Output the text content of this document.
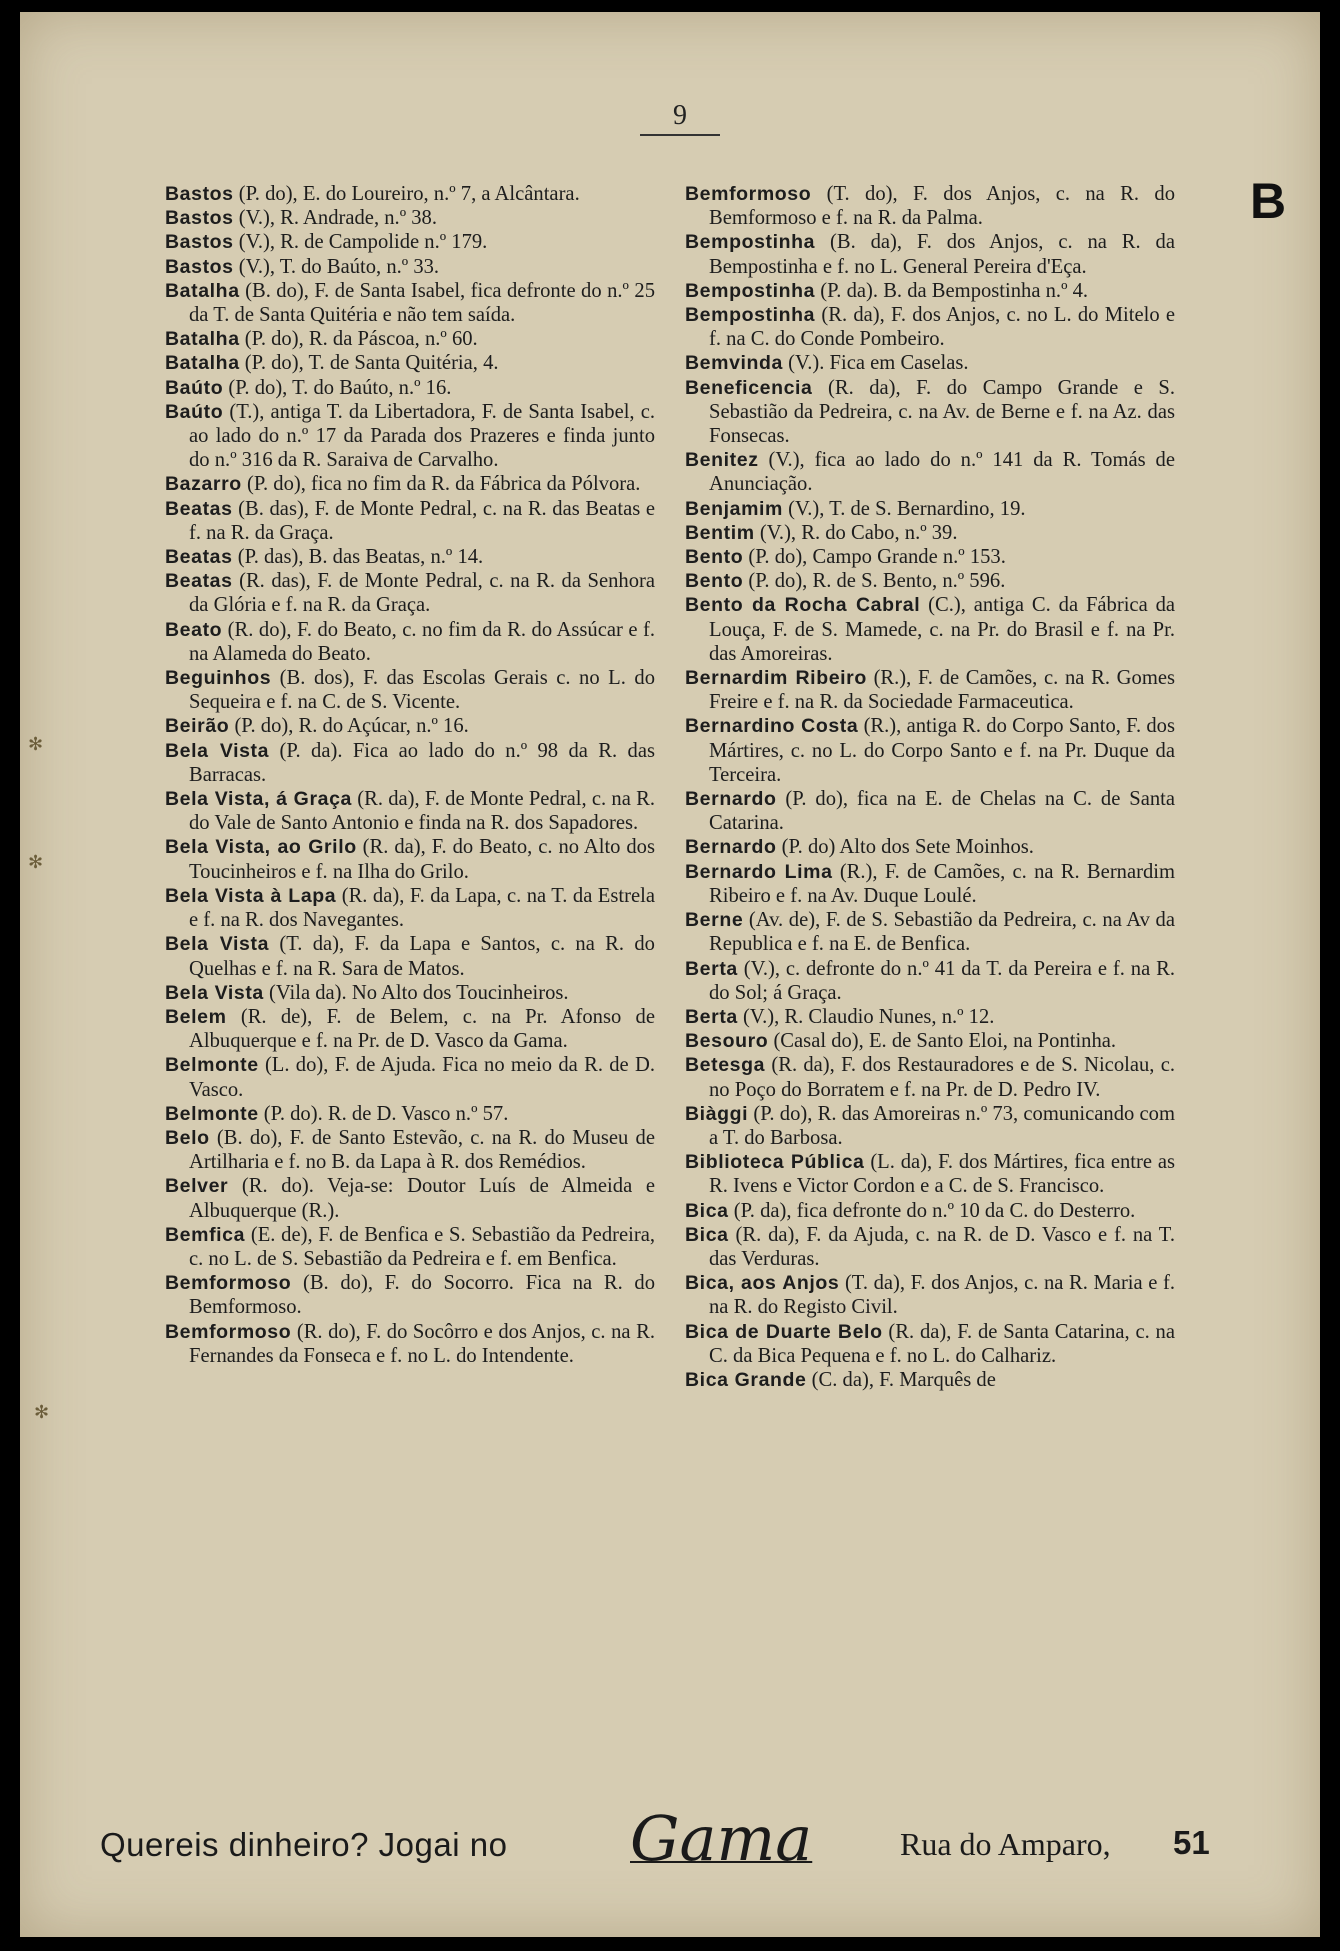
9
B
✻
✻
✻

Bastos (P. do), E. do Loureiro, n.º 7, a Alcântara.

Bastos (V.), R. Andrade, n.º 38.

Bastos (V.), R. de Campolide n.º 179.

Bastos (V.), T. do Baúto, n.º 33.

Batalha (B. do), F. de Santa Isabel, fica defronte do n.º 25 da T. de Santa Quitéria e não tem saída.

Batalha (P. do), R. da Páscoa, n.º 60.

Batalha (P. do), T. de Santa Quitéria, 4.

Baúto (P. do), T. do Baúto, n.º 16.

Baúto (T.), antiga T. da Libertadora, F. de Santa Isabel, c. ao lado do n.º 17 da Parada dos Prazeres e finda junto do n.º 316 da R. Saraiva de Carvalho.

Bazarro (P. do), fica no fim da R. da Fábrica da Pólvora.

Beatas (B. das), F. de Monte Pedral, c. na R. das Beatas e f. na R. da Graça.

Beatas (P. das), B. das Beatas, n.º 14.

Beatas (R. das), F. de Monte Pedral, c. na R. da Senhora da Glória e f. na R. da Graça.

Beato (R. do), F. do Beato, c. no fim da R. do Assúcar e f. na Alameda do Beato.

Beguinhos (B. dos), F. das Escolas Gerais c. no L. do Sequeira e f. na C. de S. Vicente.

Beirão (P. do), R. do Açúcar, n.º 16.

Bela Vista (P. da). Fica ao lado do n.º 98 da R. das Barracas.

Bela Vista, á Graça (R. da), F. de Monte Pedral, c. na R. do Vale de Santo Antonio e finda na R. dos Sapadores.

Bela Vista, ao Grilo (R. da), F. do Beato, c. no Alto dos Toucinheiros e f. na Ilha do Grilo.

Bela Vista à Lapa (R. da), F. da Lapa, c. na T. da Estrela e f. na R. dos Navegantes.

Bela Vista (T. da), F. da Lapa e Santos, c. na R. do Quelhas e f. na R. Sara de Matos.

Bela Vista (Vila da). No Alto dos Toucinheiros.

Belem (R. de), F. de Belem, c. na Pr. Afonso de Albuquerque e f. na Pr. de D. Vasco da Gama.

Belmonte (L. do), F. de Ajuda. Fica no meio da R. de D. Vasco.

Belmonte (P. do). R. de D. Vasco n.º 57.

Belo (B. do), F. de Santo Estevão, c. na R. do Museu de Artilharia e f. no B. da Lapa à R. dos Remédios.

Belver (R. do). Veja-se: Doutor Luís de Almeida e Albuquerque (R.).

Bemfica (E. de), F. de Benfica e S. Sebastião da Pedreira, c. no L. de S. Sebastião da Pedreira e f. em Benfica.

Bemformoso (B. do), F. do Socorro. Fica na R. do Bemformoso.

Bemformoso (R. do), F. do Socôrro e dos Anjos, c. na R. Fernandes da Fonseca e f. no L. do Intendente.

Bemformoso (T. do), F. dos Anjos, c. na R. do Bemformoso e f. na R. da Palma.

Bempostinha (B. da), F. dos Anjos, c. na R. da Bempostinha e f. no L. General Pereira d'Eça.

Bempostinha (P. da). B. da Bempostinha n.º 4.

Bempostinha (R. da), F. dos Anjos, c. no L. do Mitelo e f. na C. do Conde Pombeiro.

Bemvinda (V.). Fica em Caselas.

Beneficencia (R. da), F. do Campo Grande e S. Sebastião da Pedreira, c. na Av. de Berne e f. na Az. das Fonsecas.

Benitez (V.), fica ao lado do n.º 141 da R. Tomás de Anunciação.

Benjamim (V.), T. de S. Bernardino, 19.

Bentim (V.), R. do Cabo, n.º 39.

Bento (P. do), Campo Grande n.º 153.

Bento (P. do), R. de S. Bento, n.º 596.

Bento da Rocha Cabral (C.), antiga C. da Fábrica da Louça, F. de S. Mamede, c. na Pr. do Brasil e f. na Pr. das Amoreiras.

Bernardim Ribeiro (R.), F. de Camões, c. na R. Gomes Freire e f. na R. da Sociedade Farmaceutica.

Bernardino Costa (R.), antiga R. do Corpo Santo, F. dos Mártires, c. no L. do Corpo Santo e f. na Pr. Duque da Terceira.

Bernardo (P. do), fica na E. de Chelas na C. de Santa Catarina.

Bernardo (P. do) Alto dos Sete Moinhos.

Bernardo Lima (R.), F. de Camões, c. na R. Bernardim Ribeiro e f. na Av. Duque Loulé.

Berne (Av. de), F. de S. Sebastião da Pedreira, c. na Av da Republica e f. na E. de Benfica.

Berta (V.), c. defronte do n.º 41 da T. da Pereira e f. na R. do Sol; á Graça.

Berta (V.), R. Claudio Nunes, n.º 12.

Besouro (Casal do), E. de Santo Eloi, na Pontinha.

Betesga (R. da), F. dos Restauradores e de S. Nicolau, c. no Poço do Borratem e f. na Pr. de D. Pedro IV.

Biàggi (P. do), R. das Amoreiras n.º 73, comunicando com a T. do Barbosa.

Biblioteca Pública (L. da), F. dos Mártires, fica entre as R. Ivens e Victor Cordon e a C. de S. Francisco.

Bica (P. da), fica defronte do n.º 10 da C. do Desterro.

Bica (R. da), F. da Ajuda, c. na R. de D. Vasco e f. na T. das Verduras.

Bica, aos Anjos (T. da), F. dos Anjos, c. na R. Maria e f. na R. do Registo Civil.

Bica de Duarte Belo (R. da), F. de Santa Catarina, c. na C. da Bica Pequena e f. no L. do Calhariz.

Bica Grande (C. da), F. Marquês de

Quereis dinheiro? Jogai no Gama	Rua do Amparo, 51
